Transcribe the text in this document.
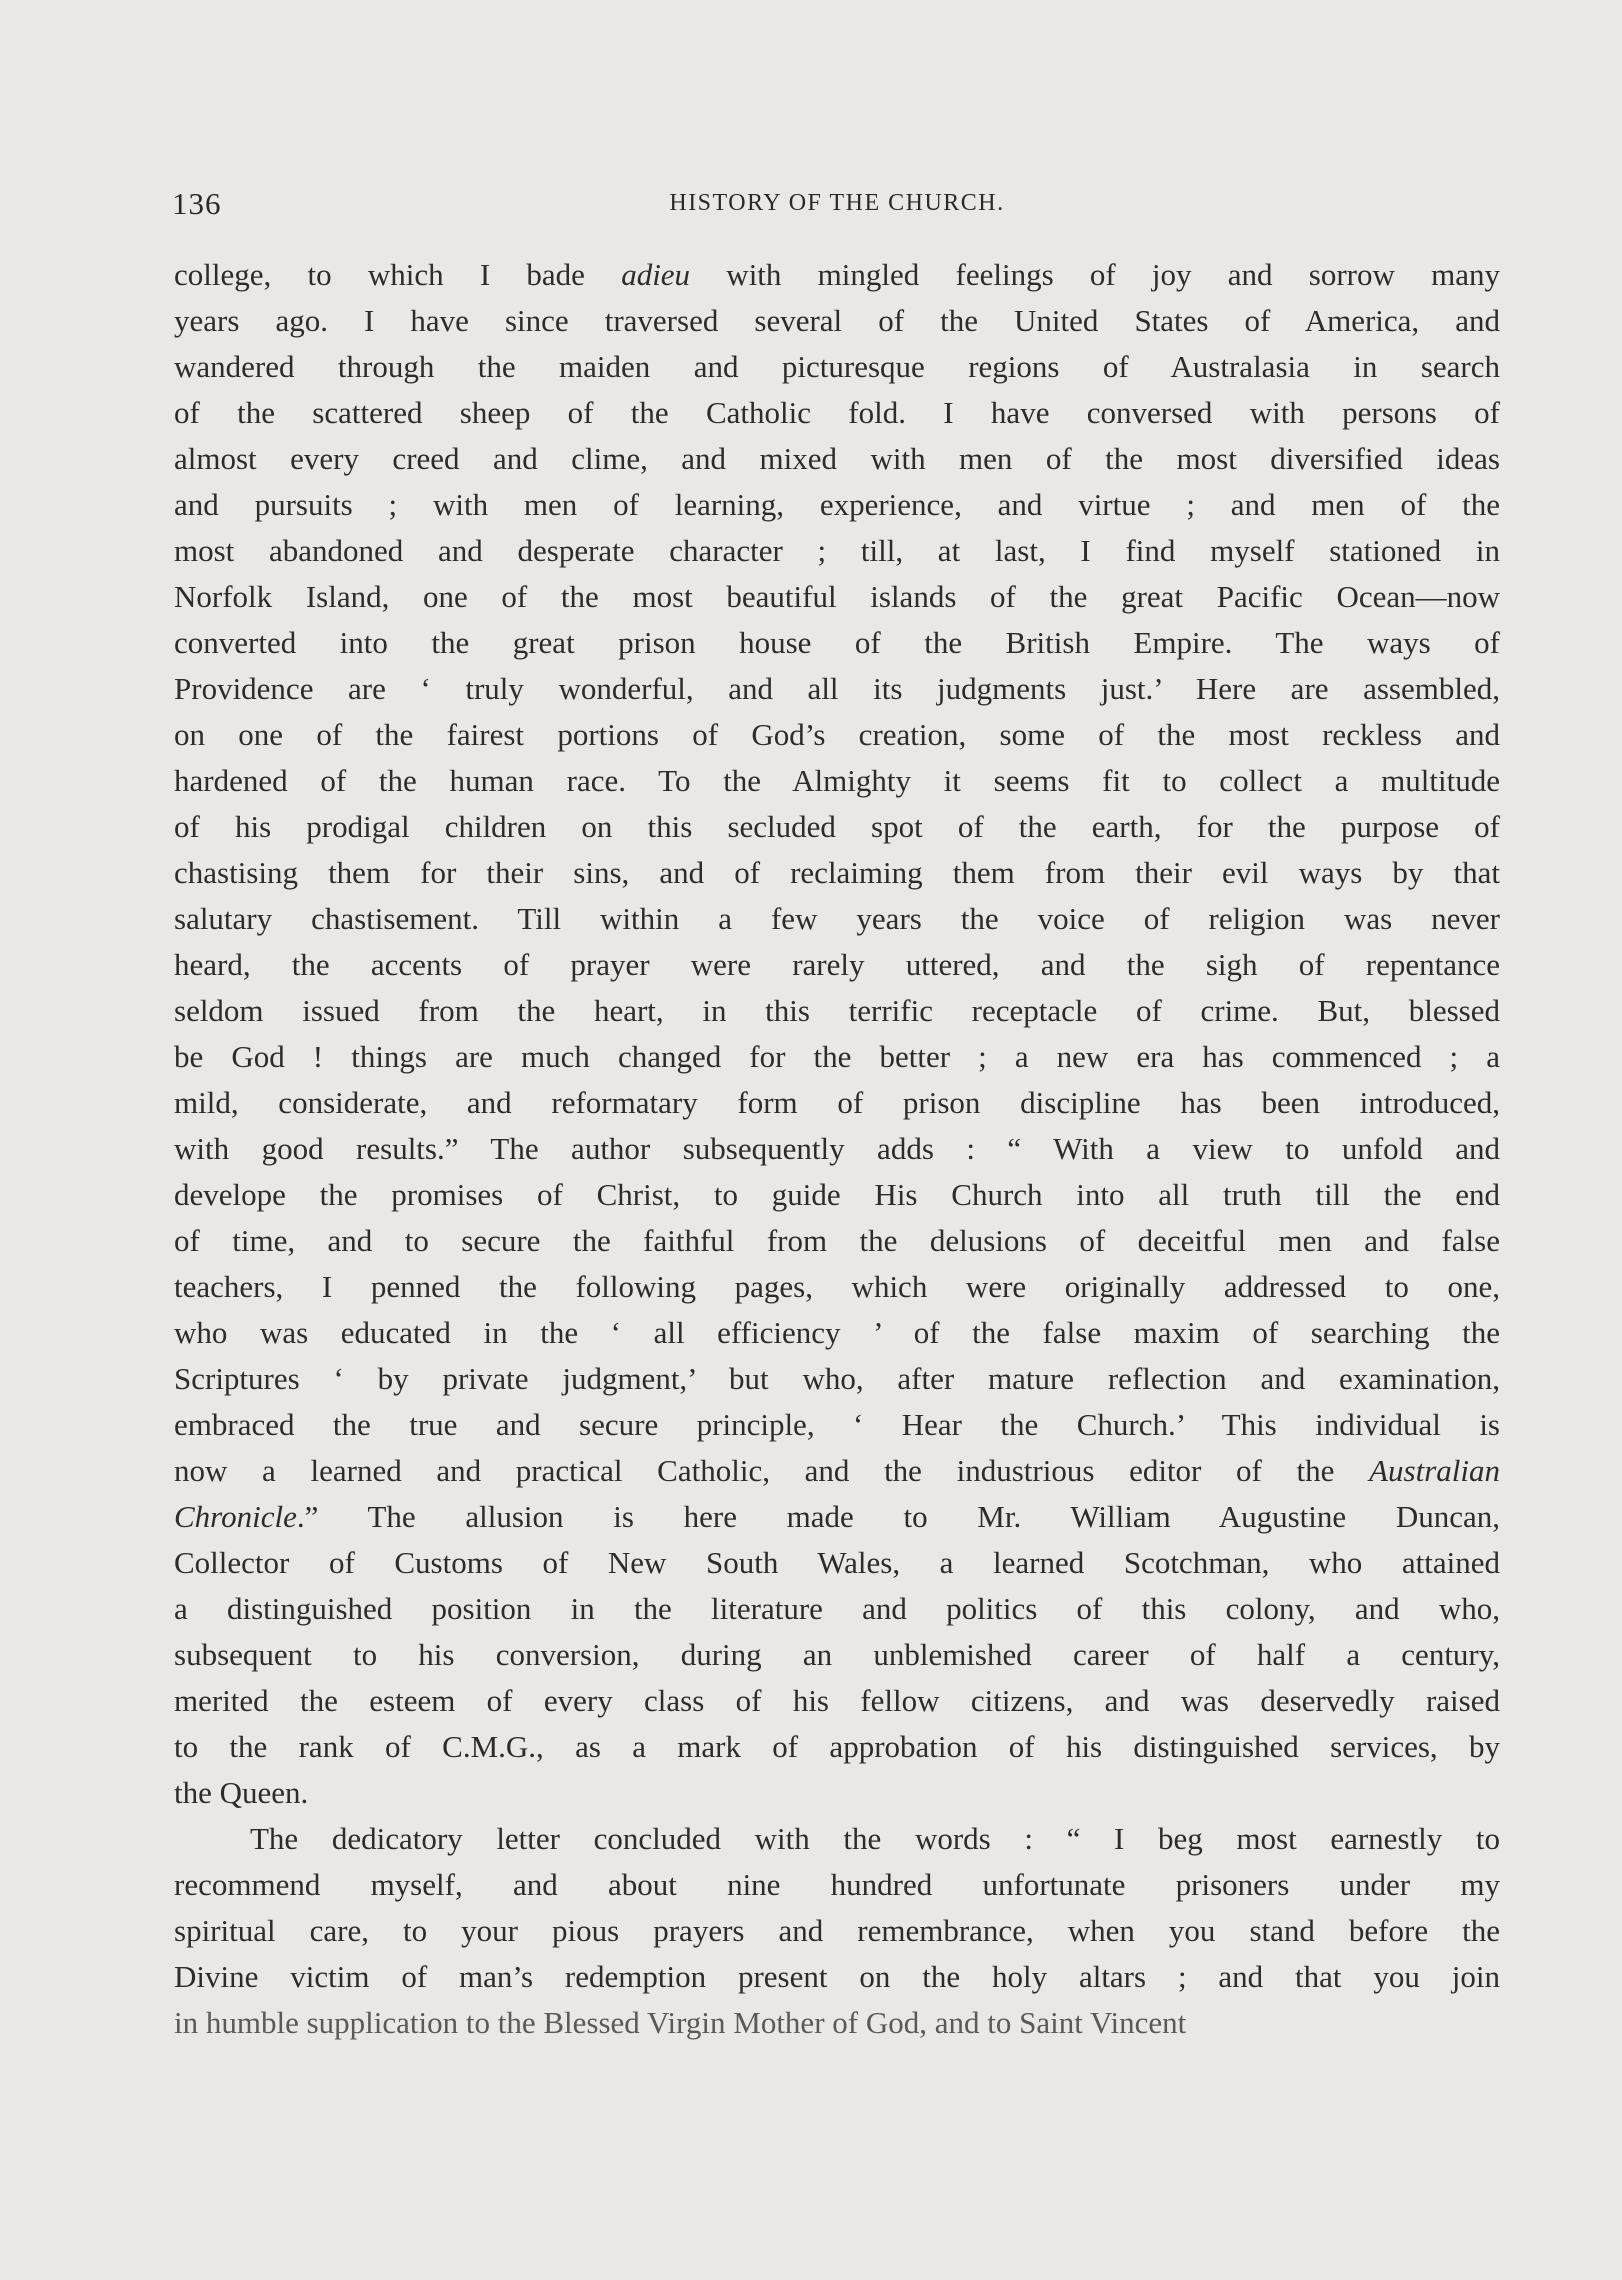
136	HISTORY OF THE CHURCH.
college, to which I bade adieu with mingled feelings of joy and sorrow many
years ago. I have since traversed several of the United States of America, and
wandered through the maiden and picturesque regions of Australasia in search
of the scattered sheep of the Catholic fold. I have conversed with persons of
almost every creed and clime, and mixed with men of the most diversified ideas
and pursuits ; with men of learning, experience, and virtue ; and men of the
most abandoned and desperate character ; till, at last, I find myself stationed in
Norfolk Island, one of the most beautiful islands of the great Pacific Ocean—now
converted into the great prison house of the British Empire. The ways of
Providence are ‘ truly wonderful, and all its judgments just.’ Here are assembled,
on one of the fairest portions of God’s creation, some of the most reckless and
hardened of the human race. To the Almighty it seems fit to collect a multitude
of his prodigal children on this secluded spot of the earth, for the purpose of
chastising them for their sins, and of reclaiming them from their evil ways by that
salutary chastisement. Till within a few years the voice of religion was never
heard, the accents of prayer were rarely uttered, and the sigh of repentance
seldom issued from the heart, in this terrific receptacle of crime. But, blessed
be God ! things are much changed for the better ; a new era has commenced ; a
mild, considerate, and reformatary form of prison discipline has been introduced,
with good results.” The author subsequently adds : “ With a view to unfold and
develope the promises of Christ, to guide His Church into all truth till the end
of time, and to secure the faithful from the delusions of deceitful men and false
teachers, I penned the following pages, which were originally addressed to one,
who was educated in the ‘ all efficiency ’ of the false maxim of searching the
Scriptures ‘ by private judgment,’ but who, after mature reflection and examination,
embraced the true and secure principle, ‘ Hear the Church.’ This individual is
now a learned and practical Catholic, and the industrious editor of the Australian
Chronicle.” The allusion is here made to Mr. William Augustine Duncan,
Collector of Customs of New South Wales, a learned Scotchman, who attained
a distinguished position in the literature and politics of this colony, and who,
subsequent to his conversion, during an unblemished career of half a century,
merited the esteem of every class of his fellow citizens, and was deservedly raised
to the rank of C.M.G., as a mark of approbation of his distinguished services, by
the Queen.
The dedicatory letter concluded with the words : “ I beg most earnestly to
recommend myself, and about nine hundred unfortunate prisoners under my
spiritual care, to your pious prayers and remembrance, when you stand before the
Divine victim of man’s redemption present on the holy altars ; and that you join
in humble supplication to the Blessed Virgin Mother of God, and to Saint Vincent
